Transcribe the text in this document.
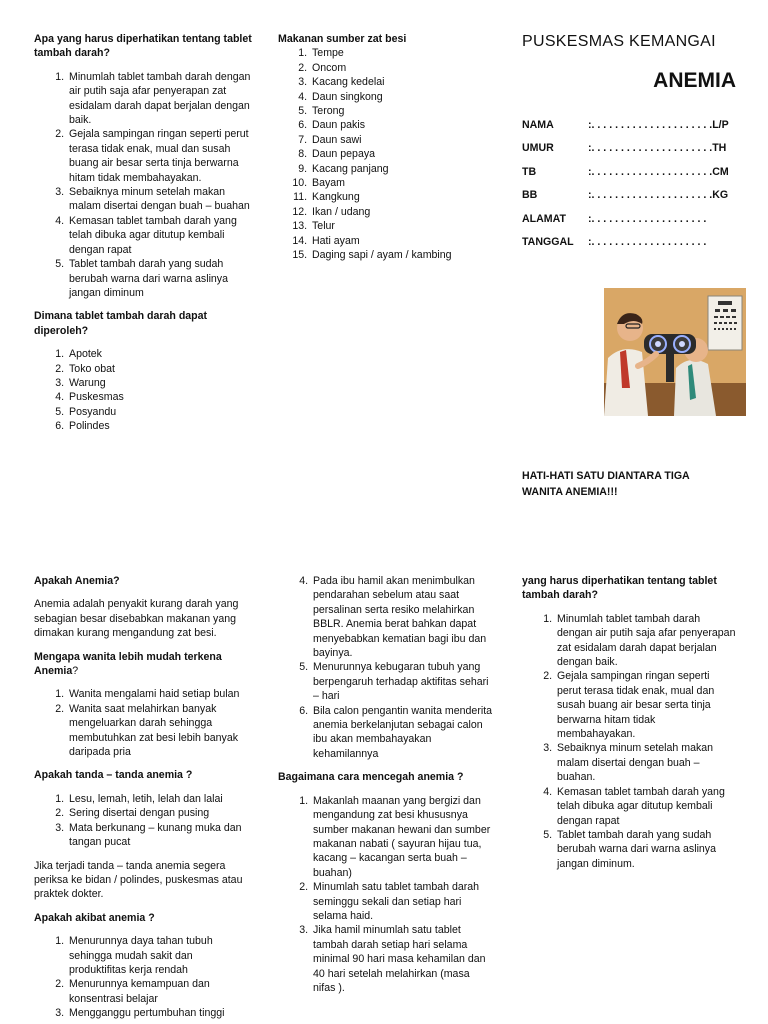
Apa yang harus diperhatikan tentang tablet tambah darah?

1. Minumlah tablet tambah darah dengan air putih saja afar penyerapan zat esidalam darah dapat berjalan dengan baik.
2. Gejala sampingan ringan seperti perut terasa tidak enak, mual dan susah buang air besar serta tinja berwarna hitam tidak membahayakan.
3. Sebaiknya minum setelah makan malam disertai dengan buah – buahan
4. Kemasan tablet tambah darah yang telah dibuka agar ditutup kembali dengan rapat
5. Tablet tambah darah yang sudah berubah warna dari warna aslinya jangan diminum

Dimana tablet tambah darah dapat diperoleh?

1. Apotek
2. Toko obat
3. Warung
4. Puskesmas
5. Posyandu
6. Polindes

Makanan sumber zat besi

1. Tempe
2. Oncom
3. Kacang kedelai
4. Daun singkong
5. Terong
6. Daun pakis
7. Daun sawi
8. Daun pepaya
9. Kacang panjang
10. Bayam
11. Kangkung
12. Ikan / udang
13. Telur
14. Hati ayam
15. Daging sapi / ayam / kambing
PUSKESMAS KEMANGAI
ANEMIA
NAMA	:. . . . . . . . . . . . . . . . . . . . .L/P
UMUR	:. . . . . . . . . . . . . . . . . . . . .TH
TB	:. . . . . . . . . . . . . . . . . . . . .CM
BB	:. . . . . . . . . . . . . . . . . . . . .KG
ALAMAT	:. . . . . . . . . . . . . . . . . . . .
TANGGAL	:. . . . . . . . . . . . . . . . . . . .
HATI-HATI SATU DIANTARA TIGA WANITA ANEMIA!!!

Apakah Anemia?

Anemia adalah penyakit kurang darah yang sebagian besar disebabkan makanan yang dimakan kurang mengandung zat besi.

Mengapa wanita lebih mudah terkena Anemia?

1. Wanita mengalami haid setiap bulan
2. Wanita saat melahirkan banyak mengeluarkan darah sehingga membutuhkan zat besi lebih banyak daripada pria

Apakah tanda – tanda anemia ?

1. Lesu, lemah, letih, lelah dan lalai
2. Sering disertai dengan pusing
3. Mata berkunang – kunang muka dan tangan pucat

Jika terjadi tanda – tanda anemia segera periksa ke bidan / polindes, puskesmas atau praktek dokter.

Apakah akibat anemia ?

1. Menurunnya daya tahan tubuh sehingga mudah sakit dan produktifitas kerja rendah
2. Menurunnya kemampuan dan konsentrasi belajar
3. Mengganggu pertumbuhan tinggi
4. Pada ibu hamil akan menimbulkan pendarahan sebelum atau saat persalinan serta resiko melahirkan BBLR. Anemia berat bahkan dapat menyebabkan kematian bagi ibu dan bayinya.
5. Menurunnya kebugaran tubuh yang berpengaruh terhadap aktifitas sehari – hari
6. Bila calon pengantin wanita menderita anemia berkelanjutan sebagai calon ibu akan membahayakan kehamilannya

Bagaimana cara mencegah anemia ?

1. Makanlah maanan yang bergizi dan mengandung zat besi khususnya sumber makanan hewani dan sumber makanan nabati ( sayuran hijau tua, kacang – kacangan serta buah – buahan)
2. Minumlah satu tablet tambah darah seminggu sekali dan setiap hari selama haid.
3. Jika hamil minumlah satu tablet tambah darah setiap hari selama minimal 90 hari masa kehamilan dan 40 hari setelah melahirkan (masa nifas ).

yang harus diperhatikan tentang tablet tambah darah?

1. Minumlah tablet tambah darah dengan air putih saja afar penyerapan zat esidalam darah dapat berjalan dengan baik.
2. Gejala sampingan ringan seperti perut terasa tidak enak, mual dan susah buang air besar serta tinja berwarna hitam tidak membahayakan.
3. Sebaiknya minum setelah makan malam disertai dengan buah – buahan.
4. Kemasan tablet tambah darah yang telah dibuka agar ditutup kembali dengan rapat
5. Tablet tambah darah yang sudah berubah warna dari warna aslinya jangan diminum.
